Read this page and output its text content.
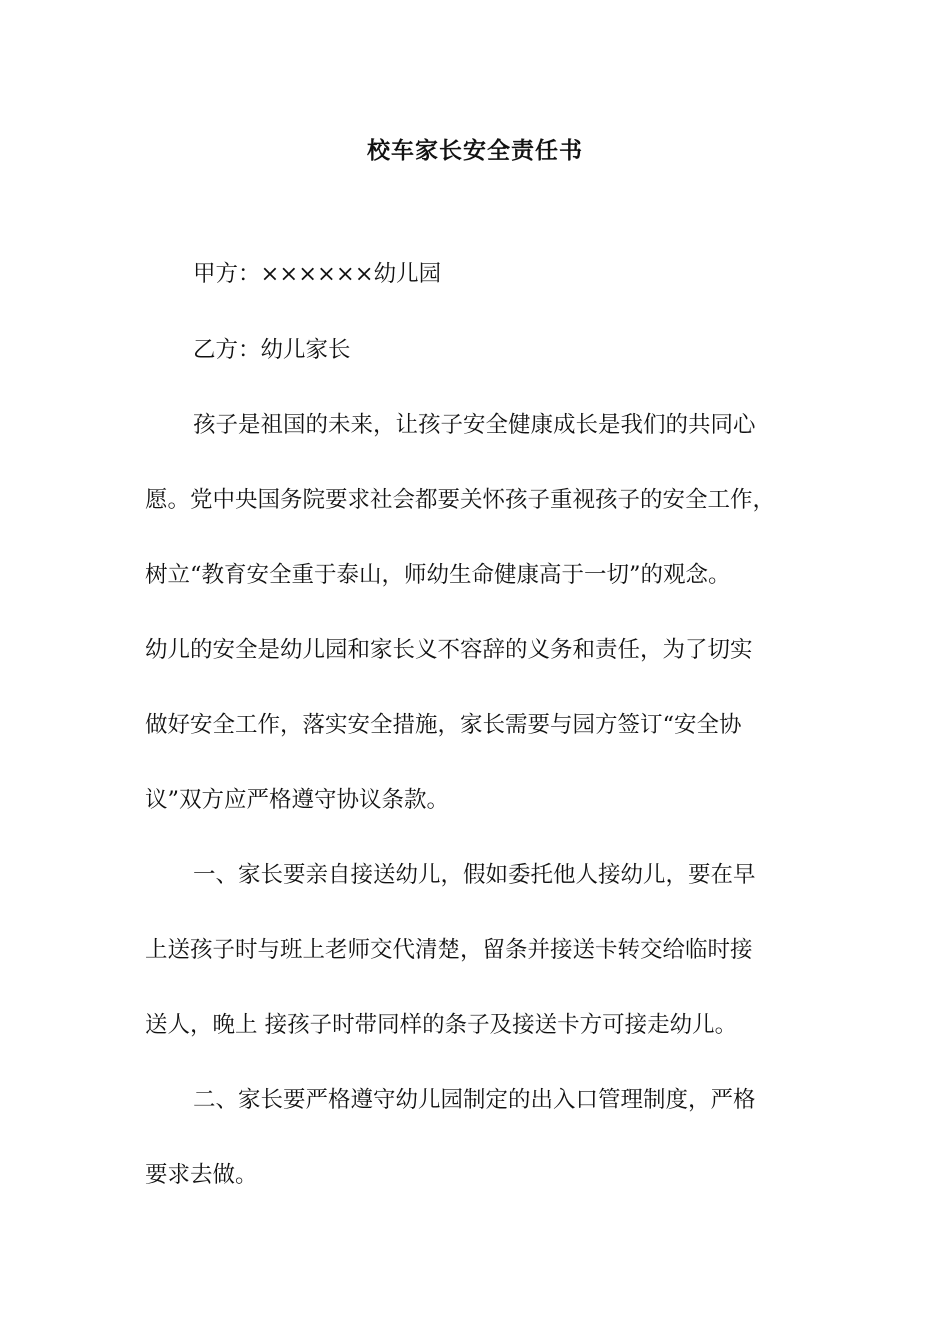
校车家长安全责任书
甲方：××××××幼儿园
乙方：幼儿家长
孩子是祖国的未来，让孩子安全健康成长是我们的共同心
愿。党中央国务院要求社会都要关怀孩子重视孩子的安全工作，
树立“教育安全重于泰山，师幼生命健康高于一切”的观念。
幼儿的安全是幼儿园和家长义不容辞的义务和责任，为了切实
做好安全工作，落实安全措施，家长需要与园方签订“安全协
议”双方应严格遵守协议条款。
一、家长要亲自接送幼儿，假如委托他人接幼儿，要在早
上送孩子时与班上老师交代清楚，留条并接送卡转交给临时接
送人，晚上 接孩子时带同样的条子及接送卡方可接走幼儿。
二、家长要严格遵守幼儿园制定的出入口管理制度，严格
要求去做。
